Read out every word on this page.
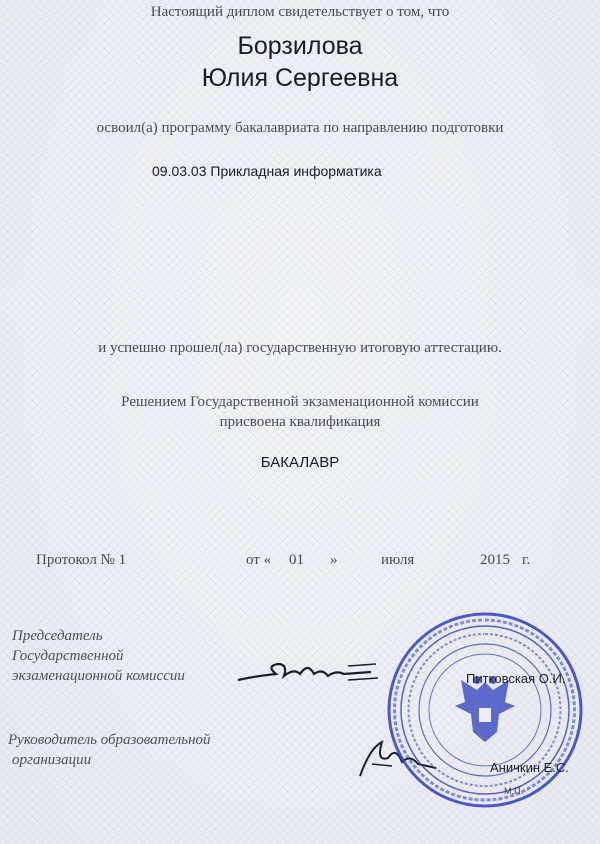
Настоящий диплом свидетельствует о том, что
Борзилова
Юлия Сергеевна
освоил(а) программу бакалавриата по направлению подготовки
09.03.03 Прикладная информатика
и успешно прошел(ла) государственную итоговую аттестацию.
Решением Государственной экзаменационной комиссии
присвоена квалификация
БАКАЛАВР
Протокол № 1	от « 01 »	июля	2015 г.
Председатель
Государственной
экзаменационной комиссии
Руководитель образовательной
организации
Питковская О.И.
Аничкин Е.С.
М.П.
